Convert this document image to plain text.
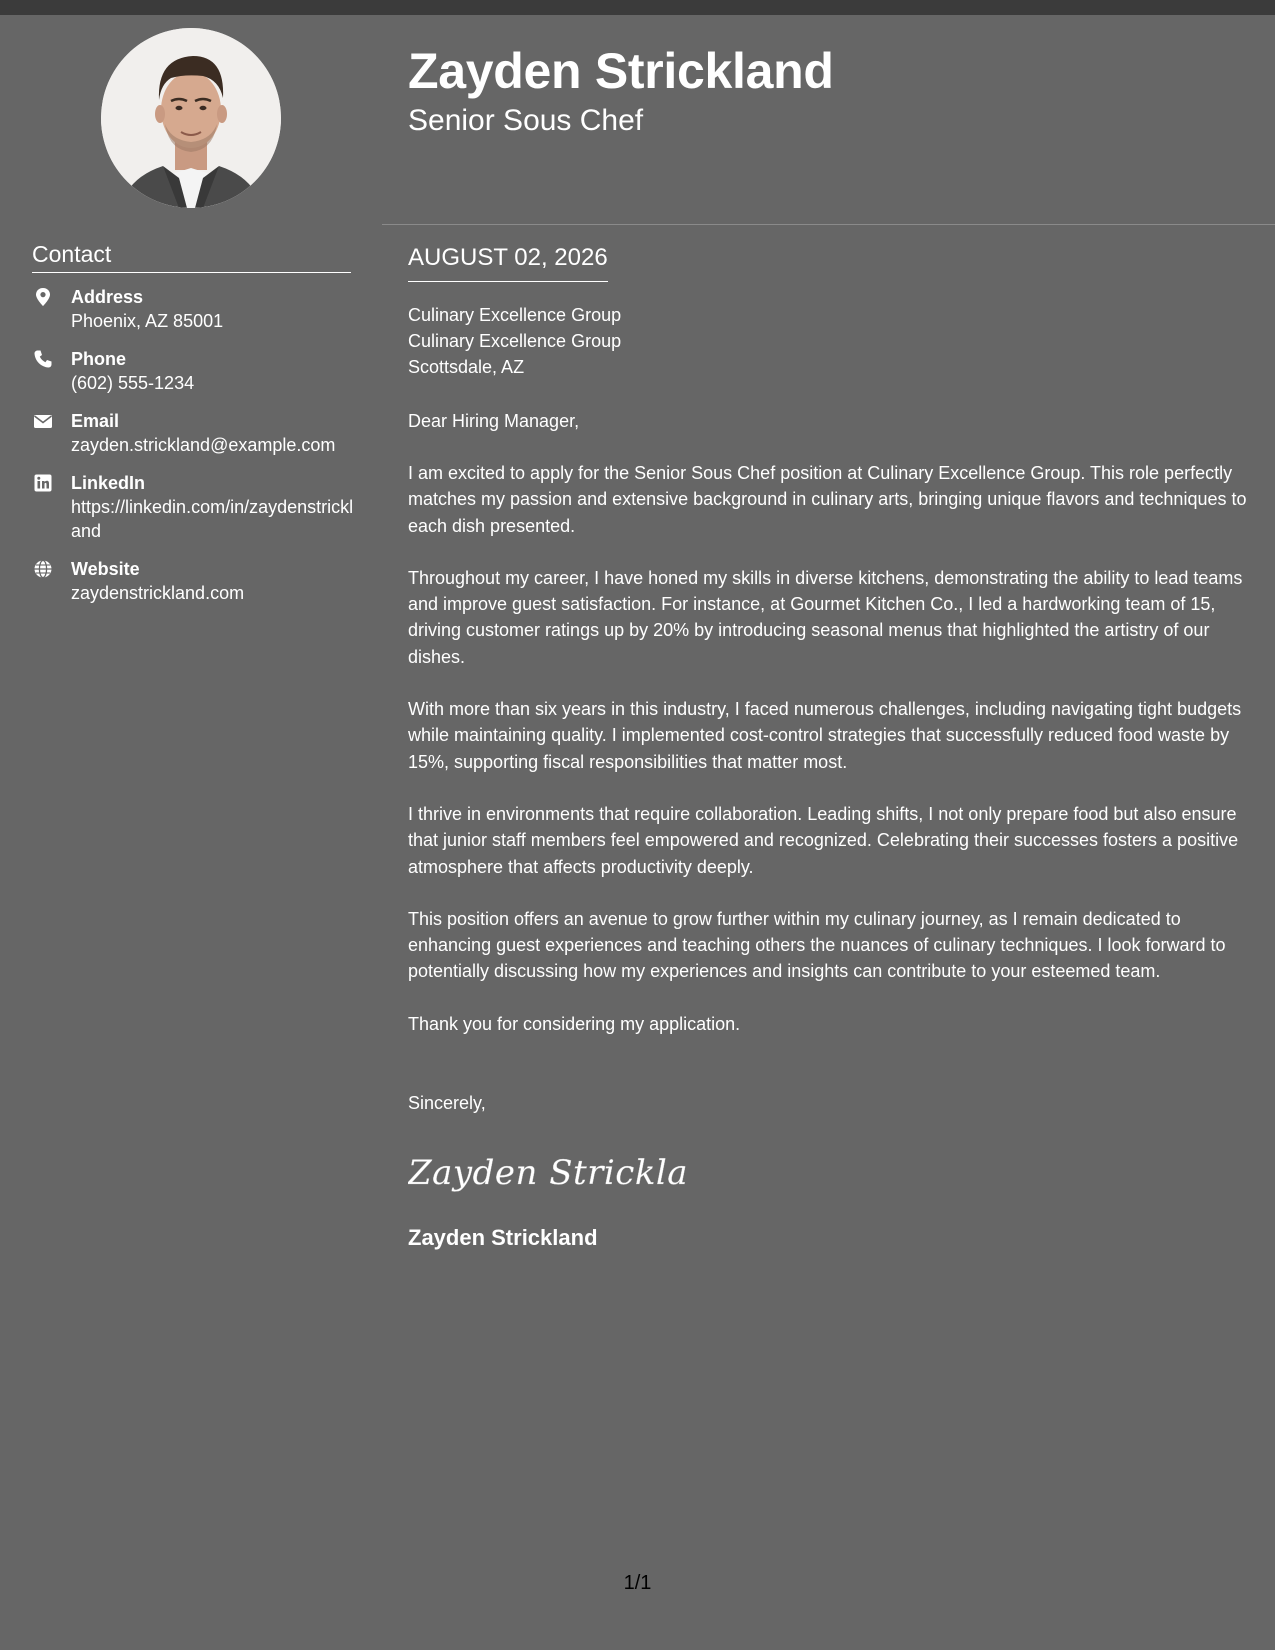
Contact
Address
Phoenix, AZ 85001
Phone
(602) 555-1234
Email
zayden.strickland@example.com
LinkedIn
https://linkedin.com/in/zaydenstrickland
Website
zaydenstrickland.com
Zayden Strickland
Senior Sous Chef
AUGUST 02, 2026
Culinary Excellence Group
Culinary Excellence Group
Scottsdale, AZ
Dear Hiring Manager,

I am excited to apply for the Senior Sous Chef position at Culinary Excellence Group. This role perfectly matches my passion and extensive background in culinary arts, bringing unique flavors and techniques to each dish presented.

Throughout my career, I have honed my skills in diverse kitchens, demonstrating the ability to lead teams and improve guest satisfaction. For instance, at Gourmet Kitchen Co., I led a hardworking team of 15, driving customer ratings up by 20% by introducing seasonal menus that highlighted the artistry of our dishes.

With more than six years in this industry, I faced numerous challenges, including navigating tight budgets while maintaining quality. I implemented cost-control strategies that successfully reduced food waste by 15%, supporting fiscal responsibilities that matter most.

I thrive in environments that require collaboration. Leading shifts, I not only prepare food but also ensure that junior staff members feel empowered and recognized. Celebrating their successes fosters a positive atmosphere that affects productivity deeply.

This position offers an avenue to grow further within my culinary journey, as I remain dedicated to enhancing guest experiences and teaching others the nuances of culinary techniques. I look forward to potentially discussing how my experiences and insights can contribute to your esteemed team.

Thank you for considering my application.

Sincerely,
Zayden Stricklan
Zayden Strickland
1/1
